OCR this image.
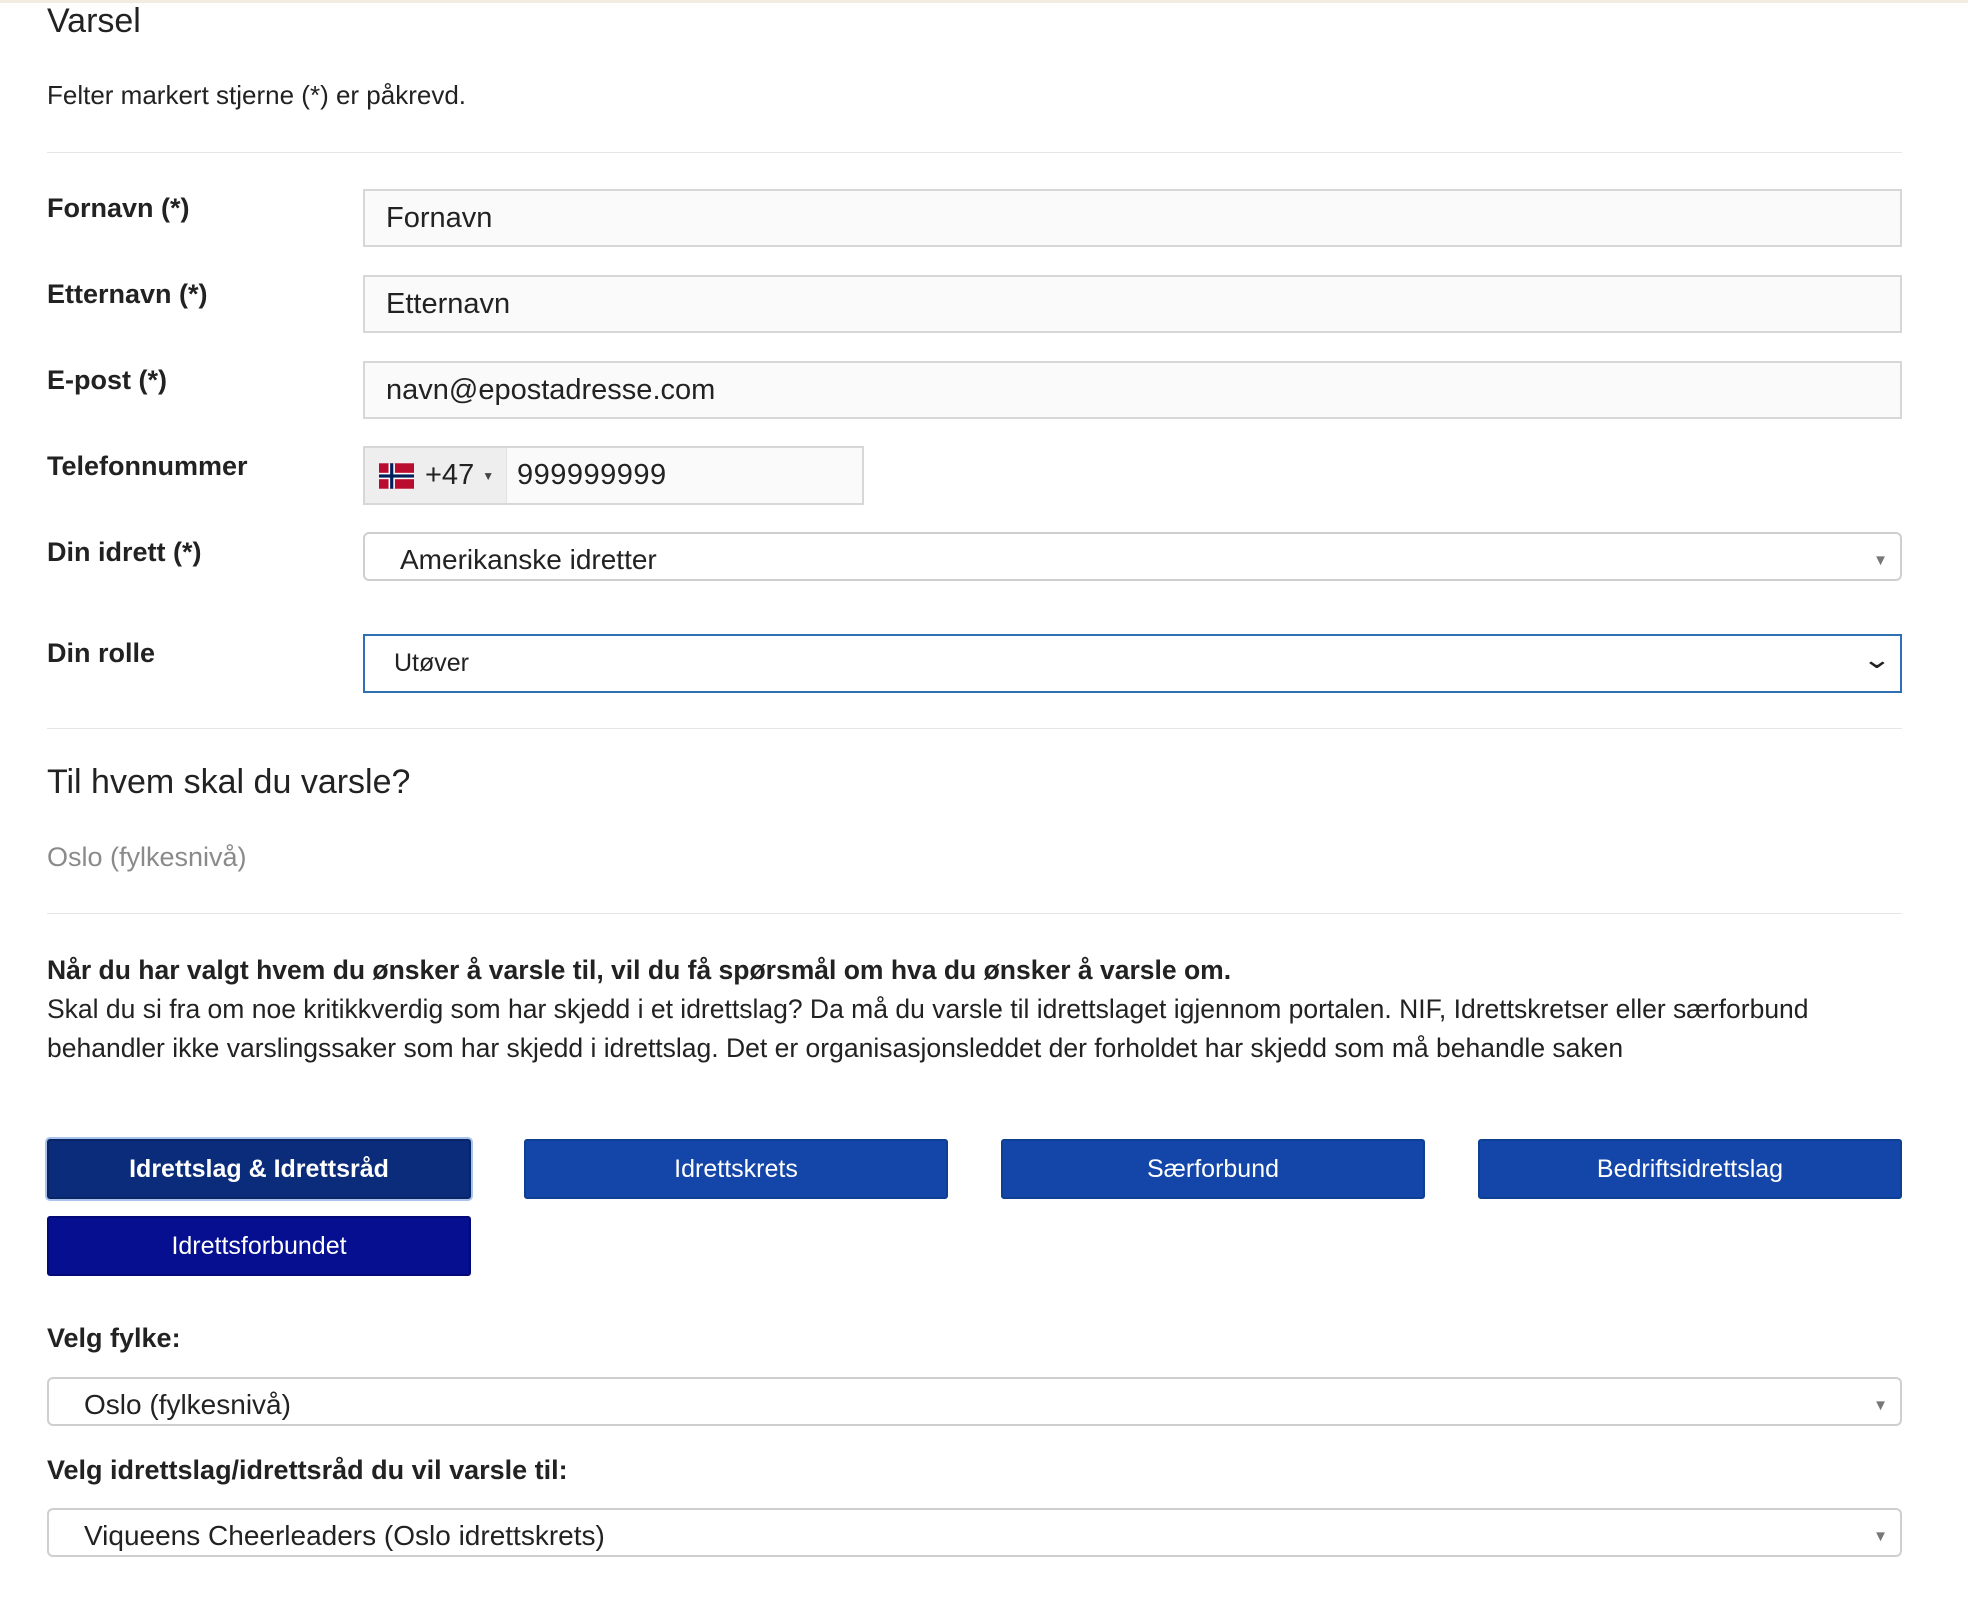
Varsel
Felter markert stjerne (*) er påkrevd.
Fornavn (*)	Fornavn
Etternavn (*)	Etternavn
E-post (*)	navn@epostadresse.com
Telefonnummer	+47 ▼ 999999999
Din idrett (*)	Amerikanske idretter	▼
Din rolle	Utøver	⌄
Til hvem skal du varsle?
Oslo (fylkesnivå)
Når du har valgt hvem du ønsker å varsle til, vil du få spørsmål om hva du ønsker å varsle om.
Skal du si fra om noe kritikkverdig som har skjedd i et idrettslag? Da må du varsle til idrettslaget igjennom portalen. NIF, Idrettskretser eller særforbund behandler ikke varslingssaker som har skjedd i idrettslag. Det er organisasjonsleddet der forholdet har skjedd som må behandle saken
Idrettslag & Idrettsråd	Idrettskrets	Særforbund	Bedriftsidrettslag
Idrettsforbundet
Velg fylke:
Oslo (fylkesnivå)	▼
Velg idrettslag/idrettsråd du vil varsle til:
Viqueens Cheerleaders (Oslo idrettskrets)	▼
